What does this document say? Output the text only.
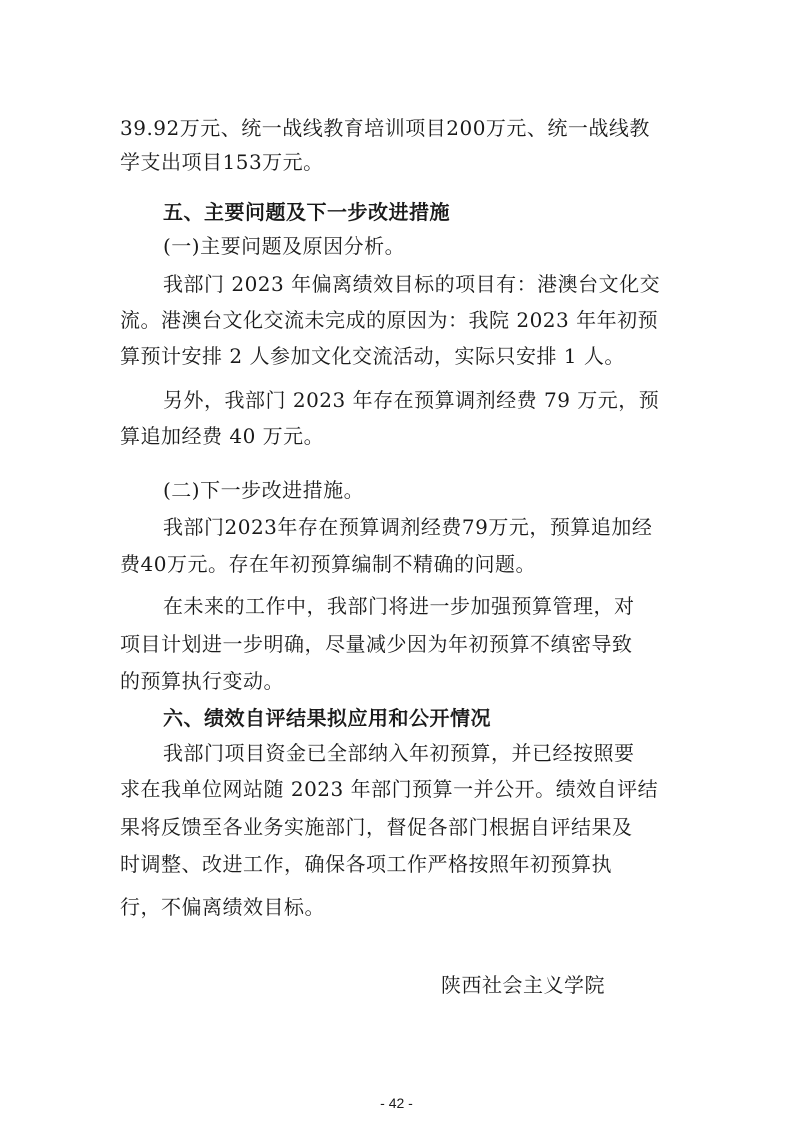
39.92万元、统一战线教育培训项目200万元、统一战线教
学支出项目153万元。
五、主要问题及下一步改进措施
(一)主要问题及原因分析。
我部门 2023 年偏离绩效目标的项目有：港澳台文化交
流。港澳台文化交流未完成的原因为：我院 2023 年年初预
算预计安排 2 人参加文化交流活动，实际只安排 1 人。
另外，我部门 2023 年存在预算调剂经费 79 万元，预
算追加经费 40 万元。
(二)下一步改进措施。
我部门2023年存在预算调剂经费79万元，预算追加经
费40万元。存在年初预算编制不精确的问题。
在未来的工作中，我部门将进一步加强预算管理，对
项目计划进一步明确，尽量减少因为年初预算不缜密导致
的预算执行变动。
六、绩效自评结果拟应用和公开情况
我部门项目资金已全部纳入年初预算，并已经按照要
求在我单位网站随 2023 年部门预算一并公开。绩效自评结
果将反馈至各业务实施部门，督促各部门根据自评结果及
时调整、改进工作，确保各项工作严格按照年初预算执
行，不偏离绩效目标。
陕西社会主义学院
- 42 -
